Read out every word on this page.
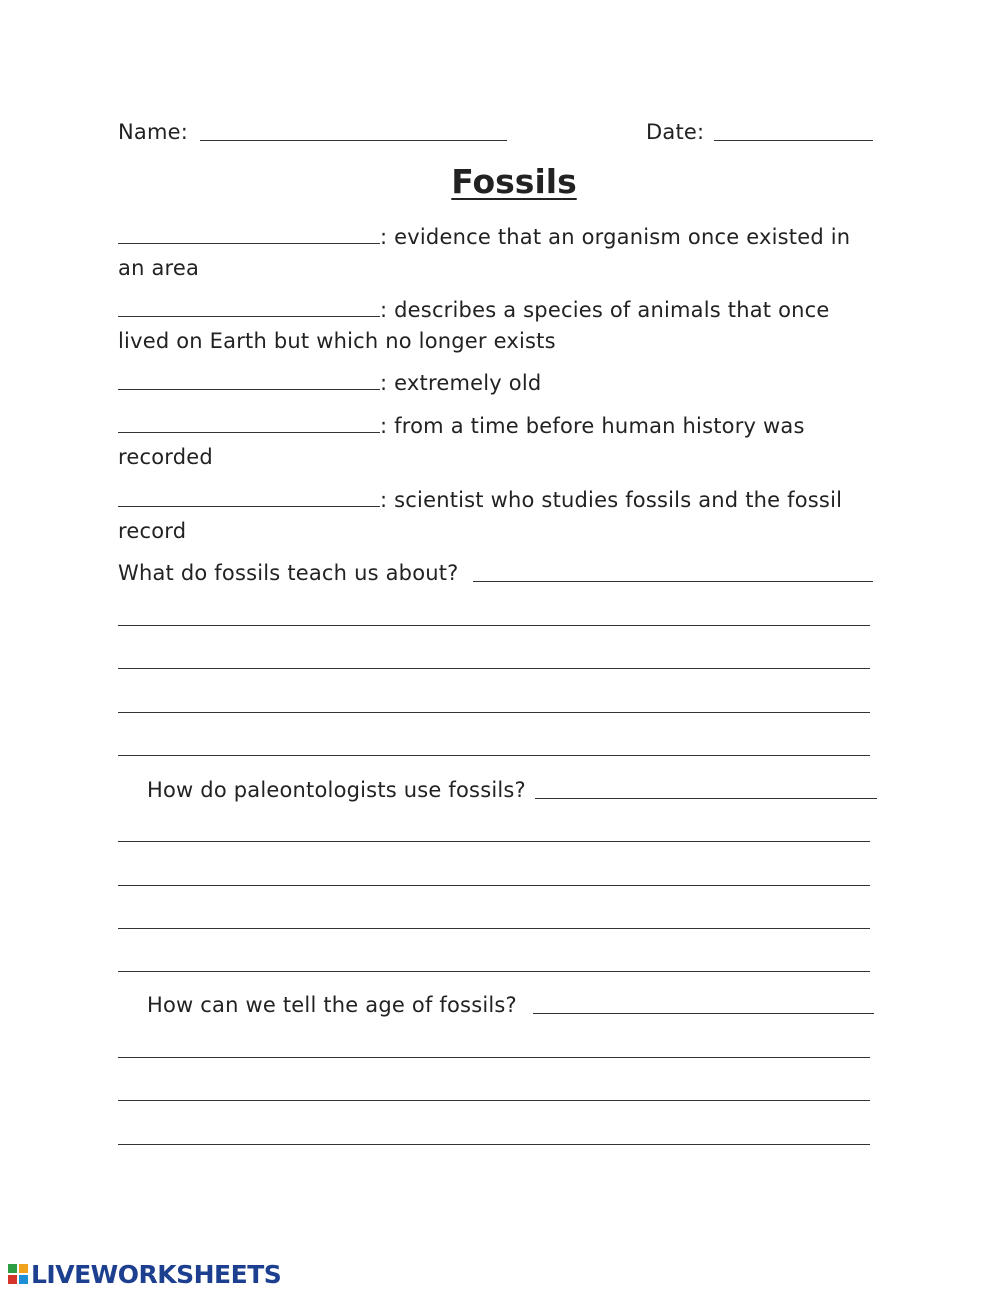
Name:	Date:
Fossils
: evidence that an organism once existed in
an area
: describes a species of animals that once
lived on Earth but which no longer exists
: extremely old
: from a time before human history was
recorded
: scientist who studies fossils and the fossil
record
What do fossils teach us about?
How do paleontologists use fossils?
How can we tell the age of fossils?
LIVEWORKSHEETS
